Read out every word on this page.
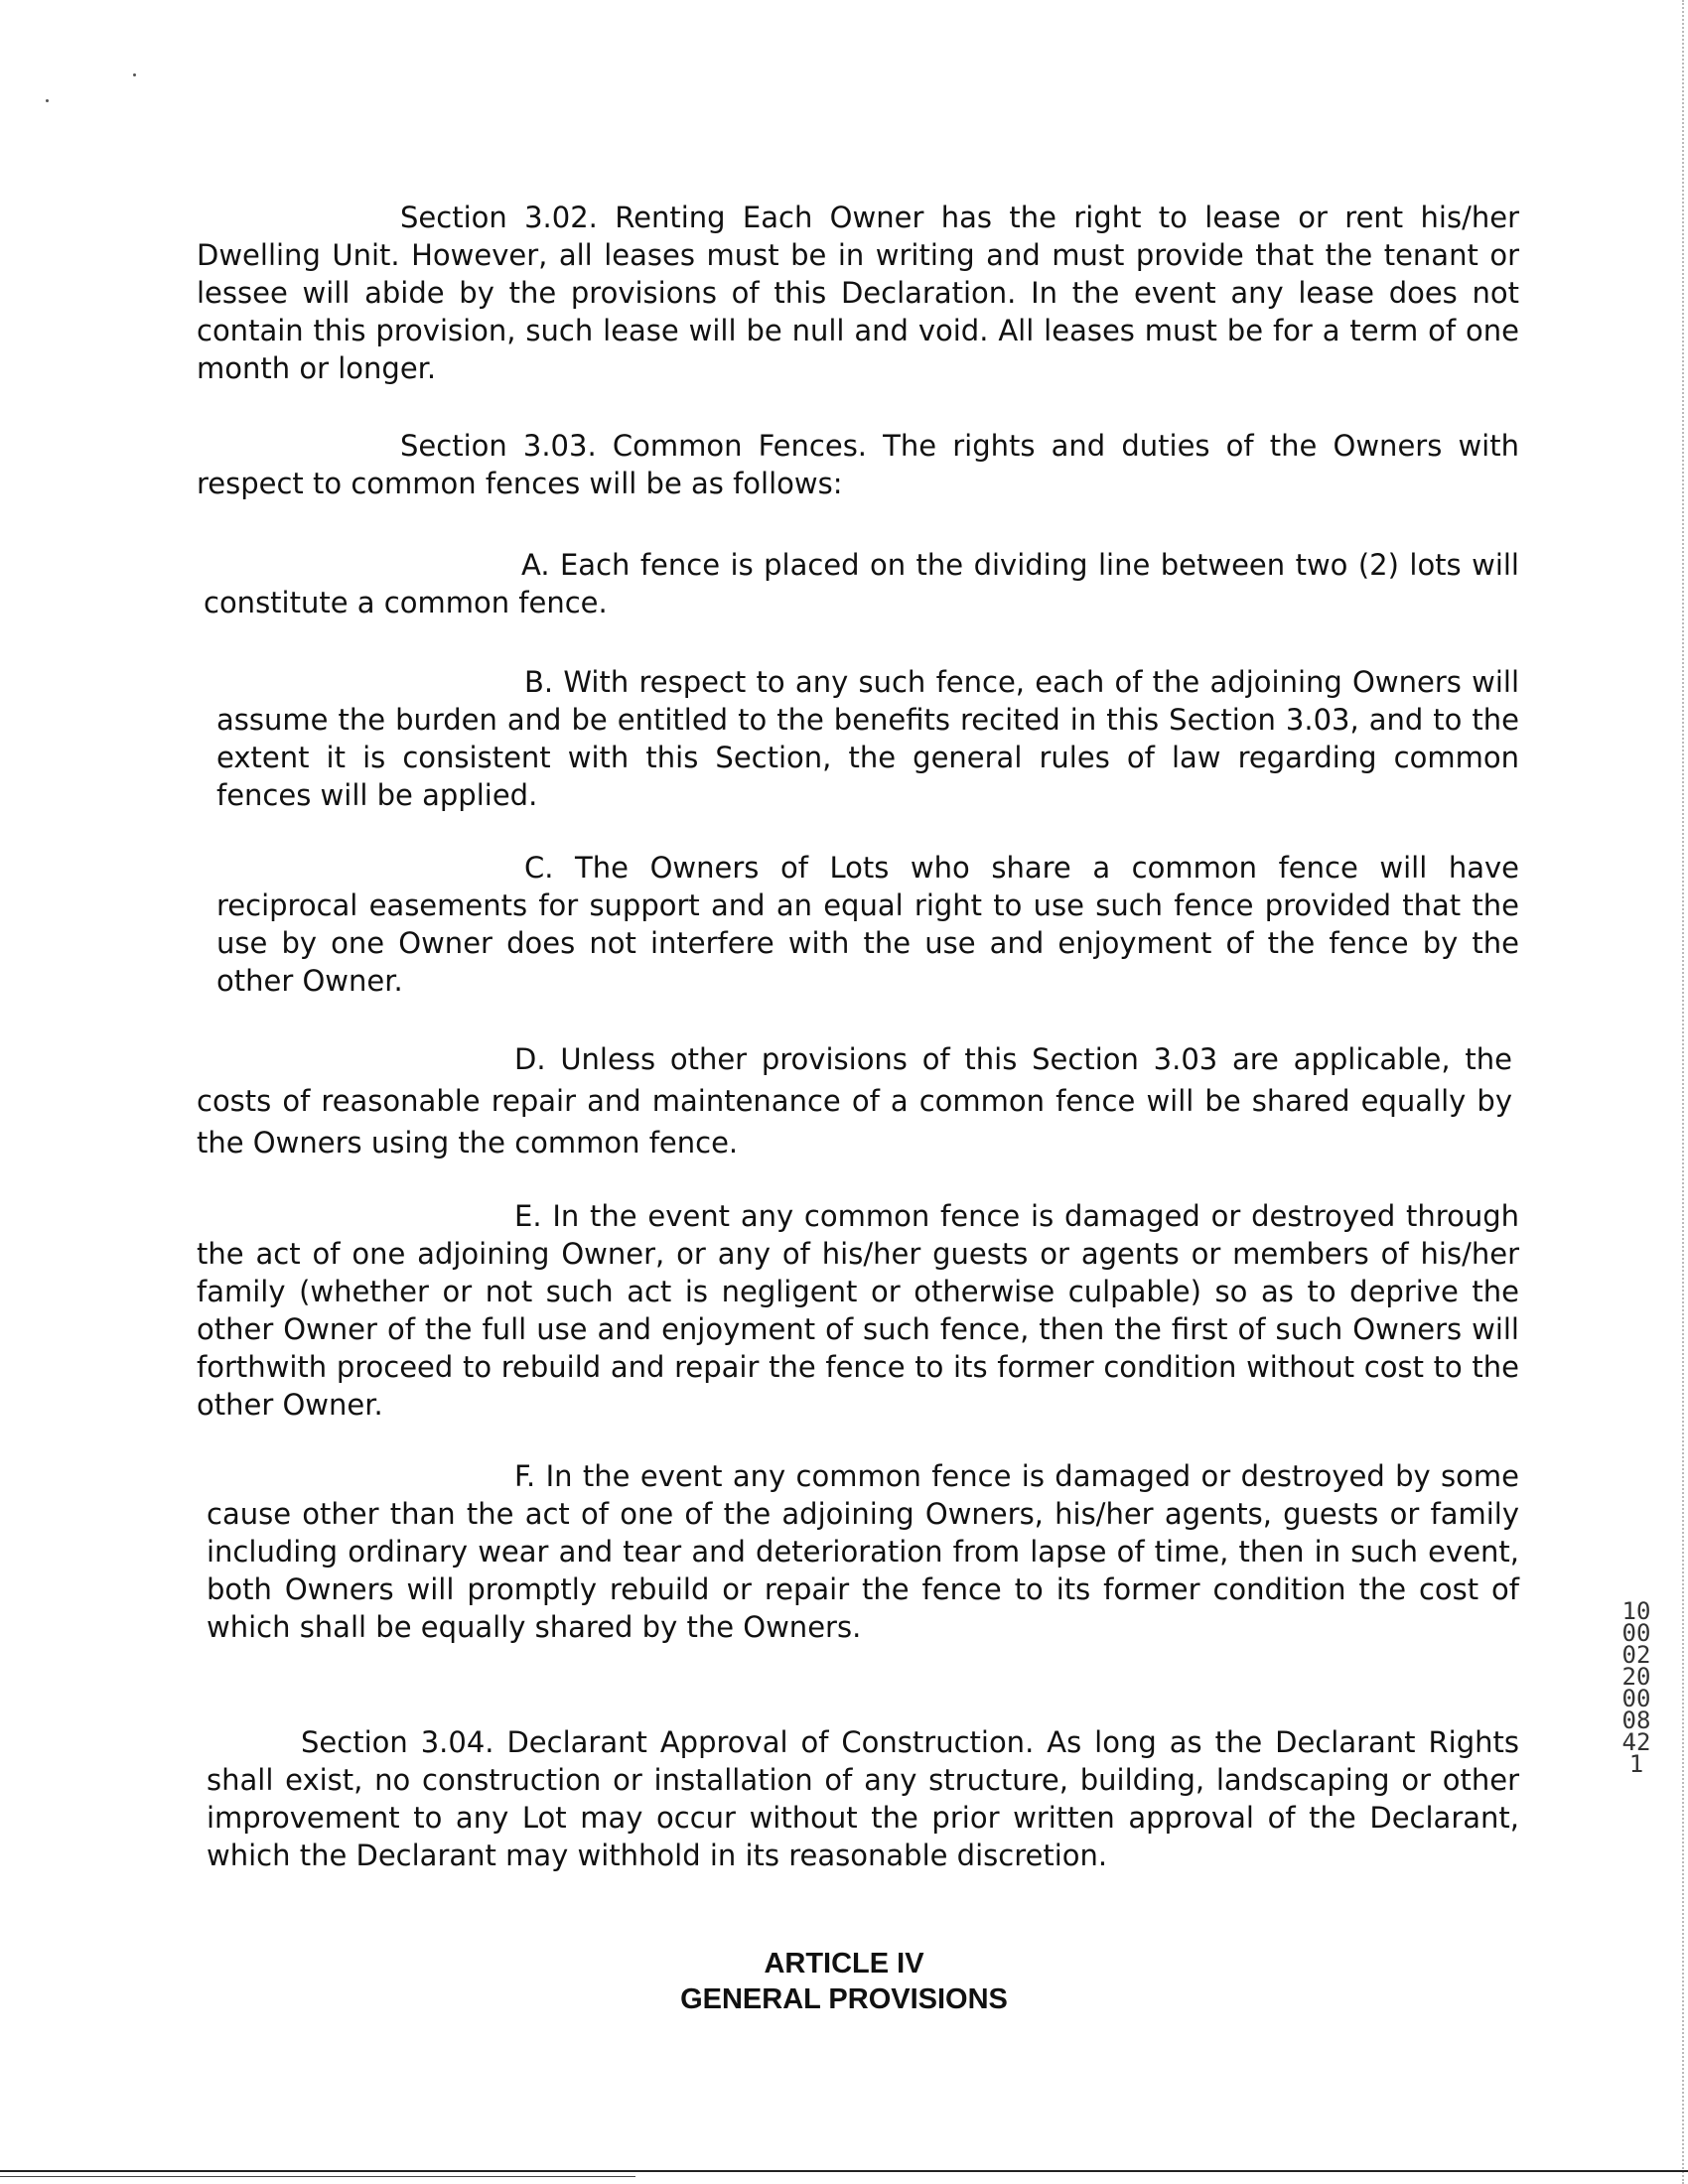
Section 3.02. Renting Each Owner has the right to lease or rent his/her Dwelling Unit. However, all leases must be in writing and must provide that the tenant or lessee will abide by the provisions of this Declaration. In the event any lease does not contain this provision, such lease will be null and void. All leases must be for a term of one month or longer.

Section 3.03. Common Fences. The rights and duties of the Owners with respect to common fences will be as follows:

A. Each fence is placed on the dividing line between two (2) lots will constitute a common fence.

B. With respect to any such fence, each of the adjoining Owners will assume the burden and be entitled to the benefits recited in this Section 3.03, and to the extent it is consistent with this Section, the general rules of law regarding common fences will be applied.

C. The Owners of Lots who share a common fence will have reciprocal easements for support and an equal right to use such fence provided that the use by one Owner does not interfere with the use and enjoyment of the fence by the other Owner.

D. Unless other provisions of this Section 3.03 are applicable, the costs of reasonable repair and maintenance of a common fence will be shared equally by the Owners using the common fence.

E. In the event any common fence is damaged or destroyed through the act of one adjoining Owner, or any of his/her guests or agents or members of his/her family (whether or not such act is negligent or otherwise culpable) so as to deprive the other Owner of the full use and enjoyment of such fence, then the first of such Owners will forthwith proceed to rebuild and repair the fence to its former condition without cost to the other Owner.

F. In the event any common fence is damaged or destroyed by some cause other than the act of one of the adjoining Owners, his/her agents, guests or family including ordinary wear and tear and deterioration from lapse of time, then in such event, both Owners will promptly rebuild or repair the fence to its former condition the cost of which shall be equally shared by the Owners.

Section 3.04. Declarant Approval of Construction. As long as the Declarant Rights shall exist, no construction or installation of any structure, building, landscaping or other improvement to any Lot may occur without the prior written approval of the Declarant, which the Declarant may withhold in its reasonable discretion.

ARTICLE IV
GENERAL PROVISIONS
10000220 0008421
